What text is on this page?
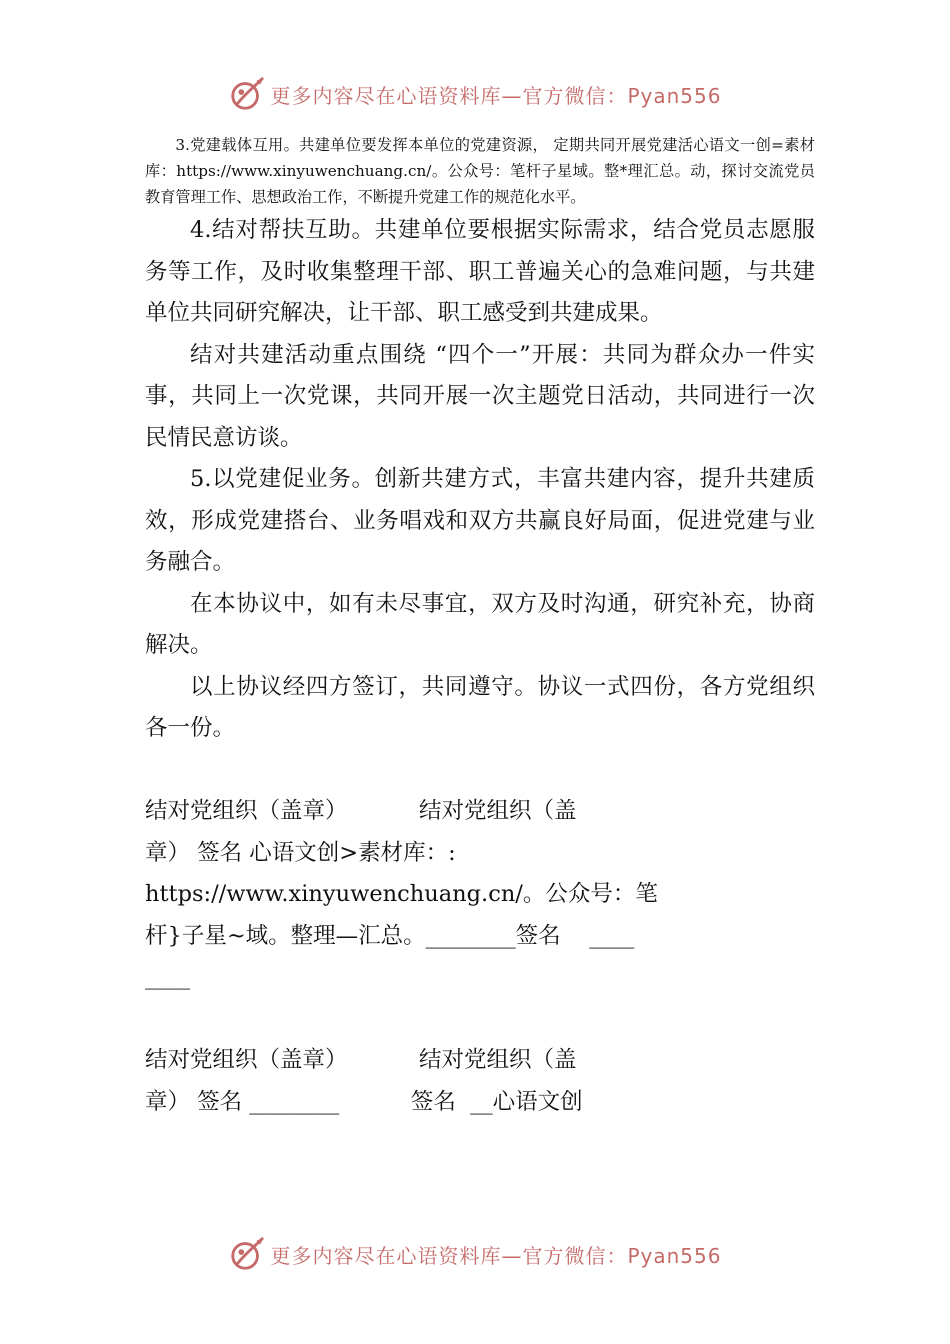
更多内容尽在心语资料库—官方微信：Pyan556

3.党建载体互用。共建单位要发挥本单位的党建资源， 定期共同开展党建活心语文一创=素材库：https://www.xinyuwenchuang.cn/。公众号：笔杆子星域。整*理汇总。动，探讨交流党员教育管理工作、思想政治工作，不断提升党建工作的规范化水平。

4.结对帮扶互助。共建单位要根据实际需求，结合党员志愿服务等工作，及时收集整理干部、职工普遍关心的急难问题，与共建单位共同研究解决，让干部、职工感受到共建成果。

结对共建活动重点围绕 “四个一”开展：共同为群众办一件实事，共同上一次党课，共同开展一次主题党日活动，共同进行一次民情民意访谈。

5.以党建促业务。创新共建方式，丰富共建内容，提升共建质效，形成党建搭台、业务唱戏和双方共赢良好局面，促进党建与业务融合。

在本协议中，如有未尽事宜，双方及时沟通，研究补充，协商解决。

以上协议经四方签订，共同遵守。协议一式四份，各方党组织各一份。

结对党组织（盖章）          结对党组织（盖

章） 签名 心语文创>素材库：:

https://www.xinyuwenchuang.cn/。公众号：笔

杆}子星~域。整理—汇总。________签名    ____

____

结对党组织（盖章）          结对党组织（盖

章） 签名 ________          签名  __心语文创

更多内容尽在心语资料库—官方微信：Pyan556
